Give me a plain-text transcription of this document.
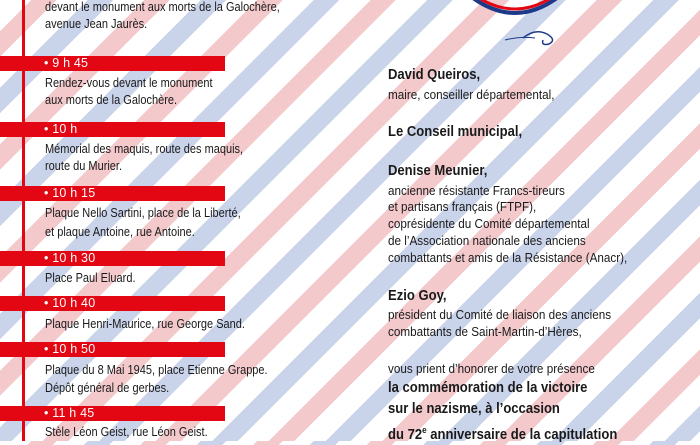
devant le monument aux morts de la Galochère,
avenue Jean Jaurès.
• 9 h 45
Rendez-vous devant le monument
aux morts de la Galochère.
• 10 h
Mémorial des maquis, route des maquis,
route du Murier.
• 10 h 15
Plaque Nello Sartini, place de la Liberté,
et plaque Antoine, rue Antoine.
• 10 h 30
Place Paul Eluard.
• 10 h 40
Plaque Henri-Maurice, rue George Sand.
• 10 h 50
Plaque du 8 Mai 1945, place Etienne Grappe.
Dépôt général de gerbes.
• 11 h 45
Stèle Léon Geist, rue Léon Geist.
David Queiros,
maire, conseiller départemental,
Le Conseil municipal,
Denise Meunier,
ancienne résistante Francs-tireurs
et partisans français (FTPF),
coprésidente du Comité départemental
de l’Association nationale des anciens
combattants et amis de la Résistance (Anacr),
Ezio Goy,
président du Comité de liaison des anciens
combattants de Saint-Martin-d’Hères,
vous prient d’honorer de votre présence
la commémoration de la victoire
sur le nazisme, à l’occasion
du 72e anniversaire de la capitulation
